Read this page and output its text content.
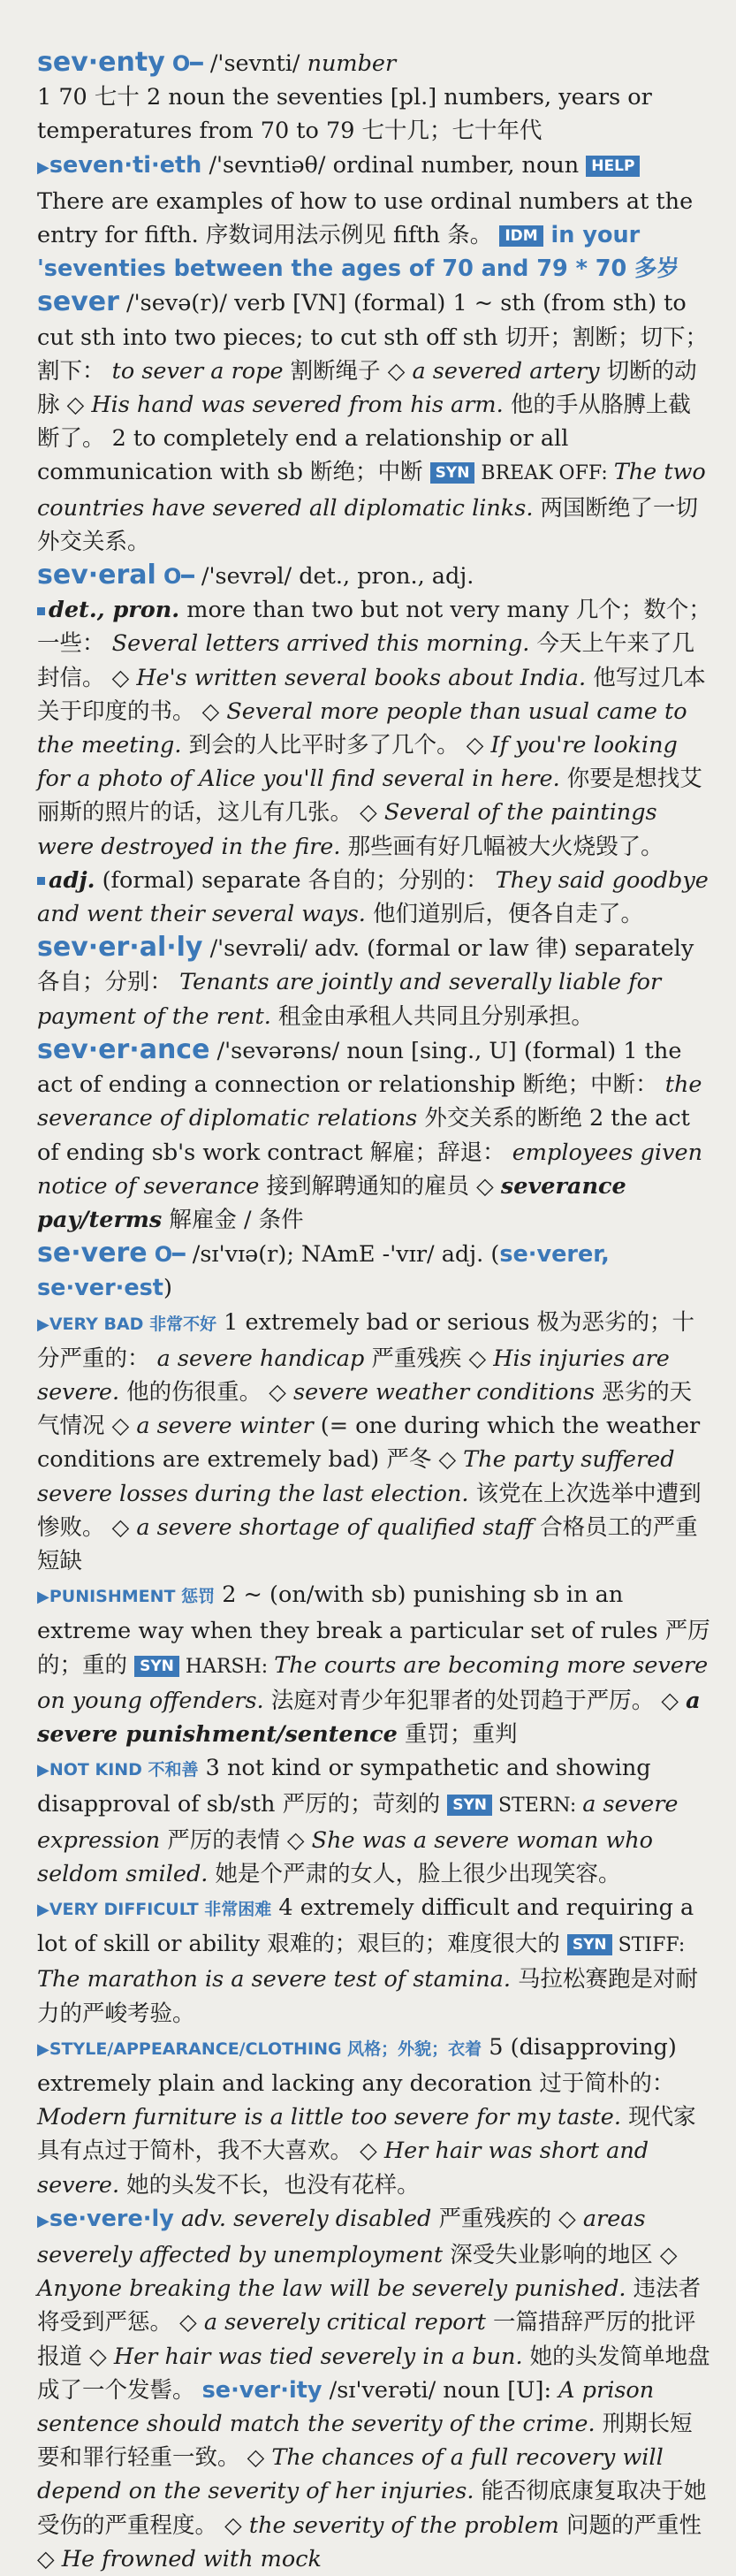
sev·enty O━ /'sevnti/ number
1 70 七十 2 noun the seventies [pl.] numbers, years or temperatures from 70 to 79 七十几；七十年代 ▶seven·ti·eth /'sevntiəθ/ ordinal number, noun HELP There are examples of how to use ordinal numbers at the entry for fifth. 序数词用法示例见 fifth 条。 IDM in your 'seventies between the ages of 70 and 79 * 70 多岁

sever /'sevə(r)/ verb [VN] (formal) 1 ~ sth (from sth) to cut sth into two pieces; to cut sth off sth 切开；割断；切下；割下： to sever a rope 割断绳子 ◇ a severed artery 切断的动脉 ◇ His hand was severed from his arm. 他的手从胳膊上截断了。 2 to completely end a relationship or all communication with sb 断绝；中断 SYN BREAK OFF: The two countries have severed all diplomatic links. 两国断绝了一切外交关系。

sev·eral O━ /'sevrəl/ det., pron., adj.
det., pron. more than two but not very many 几个；数个；一些： Several letters arrived this morning. 今天上午来了几封信。 ◇ He's written several books about India. 他写过几本关于印度的书。 ◇ Several more people than usual came to the meeting. 到会的人比平时多了几个。 ◇ If you're looking for a photo of Alice you'll find several in here. 你要是想找艾丽斯的照片的话，这儿有几张。 ◇ Several of the paintings were destroyed in the fire. 那些画有好几幅被大火烧毁了。
adj. (formal) separate 各自的；分别的： They said goodbye and went their several ways. 他们道别后，便各自走了。

sev·er·al·ly /'sevrəli/ adv. (formal or law 律) separately 各自；分别： Tenants are jointly and severally liable for payment of the rent. 租金由承租人共同且分别承担。

sev·er·ance /'sevərəns/ noun [sing., U] (formal) 1 the act of ending a connection or relationship 断绝；中断： the severance of diplomatic relations 外交关系的断绝 2 the act of ending sb's work contract 解雇；辞退： employees given notice of severance 接到解聘通知的雇员 ◇ severance pay/terms 解雇金 / 条件

se·vere O━ /sɪ'vɪə(r); NAmE -'vɪr/ adj. (se·verer, se·ver·est)
▶VERY BAD 非常不好 1 extremely bad or serious 极为恶劣的；十分严重的： a severe handicap 严重残疾 ◇ His injuries are severe. 他的伤很重。 ◇ severe weather conditions 恶劣的天气情况 ◇ a severe winter (= one during which the weather conditions are extremely bad) 严冬 ◇ The party suffered severe losses during the last election. 该党在上次选举中遭到惨败。 ◇ a severe shortage of qualified staff 合格员工的严重短缺
▶PUNISHMENT 惩罚 2 ~ (on/with sb) punishing sb in an extreme way when they break a particular set of rules 严厉的；重的 SYN HARSH: The courts are becoming more severe on young offenders. 法庭对青少年犯罪者的处罚趋于严厉。 ◇ a severe punishment/sentence 重罚；重判
▶NOT KIND 不和善 3 not kind or sympathetic and showing disapproval of sb/sth 严厉的；苛刻的 SYN STERN: a severe expression 严厉的表情 ◇ She was a severe woman who seldom smiled. 她是个严肃的女人，脸上很少出现笑容。
▶VERY DIFFICULT 非常困难 4 extremely difficult and requiring a lot of skill or ability 艰难的；艰巨的；难度很大的 SYN STIFF: The marathon is a severe test of stamina. 马拉松赛跑是对耐力的严峻考验。
▶STYLE/APPEARANCE/CLOTHING 风格；外貌；衣着 5 (disapproving) extremely plain and lacking any decoration 过于简朴的： Modern furniture is a little too severe for my taste. 现代家具有点过于简朴，我不大喜欢。 ◇ Her hair was short and severe. 她的头发不长，也没有花样。
▶se·vere·ly adv. severely disabled 严重残疾的 ◇ areas severely affected by unemployment 深受失业影响的地区 ◇ Anyone breaking the law will be severely punished. 违法者将受到严惩。 ◇ a severely critical report 一篇措辞严厉的批评报道 ◇ Her hair was tied severely in a bun. 她的头发简单地盘成了一个发髻。 se·ver·ity /sɪ'verəti/ noun [U]: A prison sentence should match the severity of the crime. 刑期长短要和罪行轻重一致。 ◇ The chances of a full recovery will depend on the severity of her injuries. 能否彻底康复取决于她受伤的严重程度。 ◇ the severity of the problem 问题的严重性 ◇ He frowned with mock
